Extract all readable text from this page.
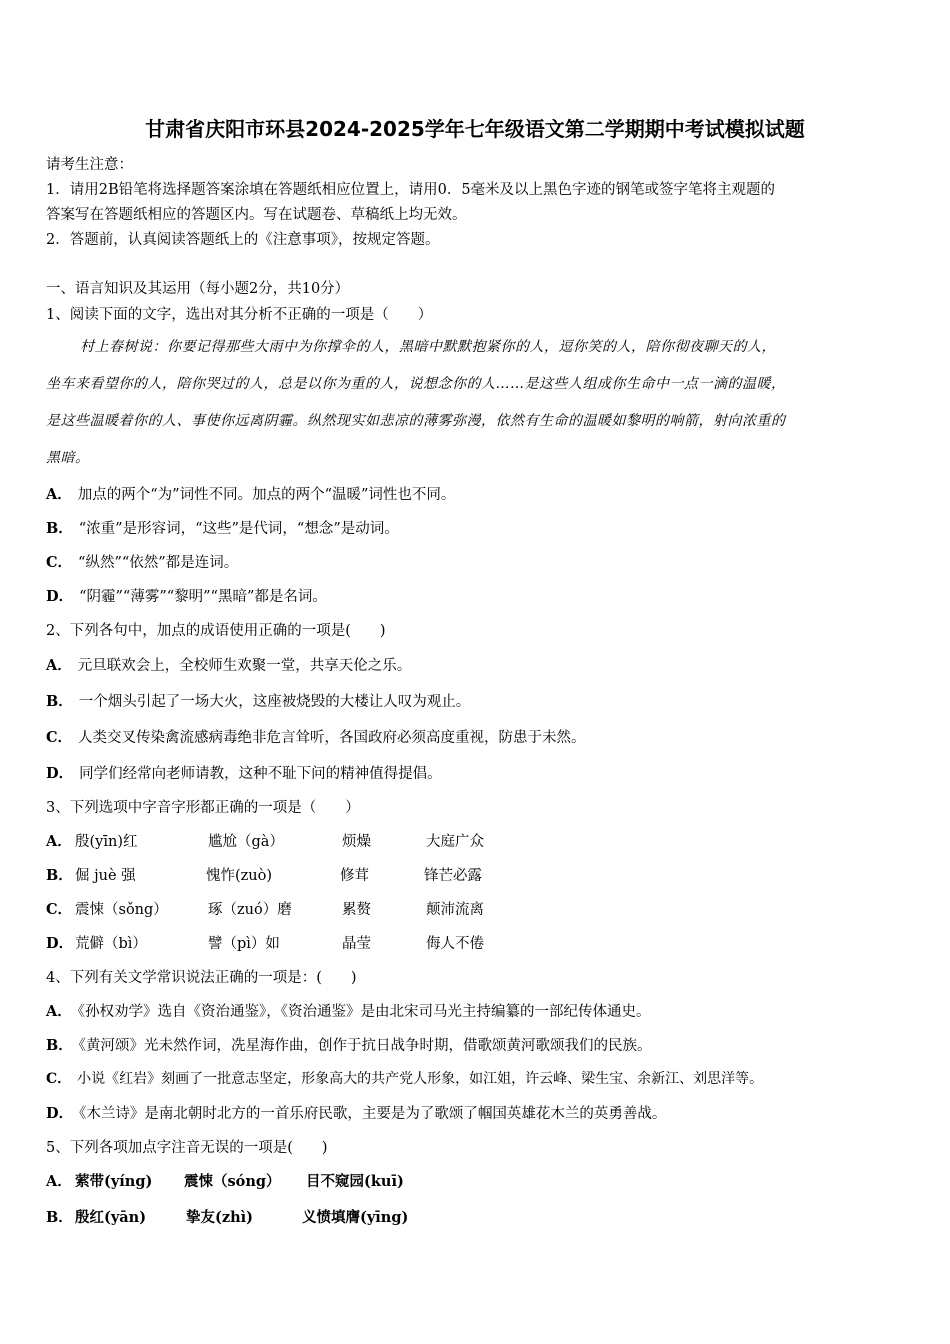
甘肃省庆阳市环县2024-2025学年七年级语文第二学期期中考试模拟试题
请考生注意：
1．请用2B铅笔将选择题答案涂填在答题纸相应位置上，请用0．5毫米及以上黑色字迹的钢笔或签字笔将主观题的
答案写在答题纸相应的答题区内。写在试题卷、草稿纸上均无效。
2．答题前，认真阅读答题纸上的《注意事项》，按规定答题。
一、语言知识及其运用（每小题2分，共10分）
1、阅读下面的文字，选出对其分析不正确的一项是（　　）
村上春树说：你要记得那些大雨中为你撑伞的人，黑暗中默默抱紧你的人，逗你笑的人，陪你彻夜聊天的人，
坐车来看望你的人，陪你哭过的人，总是以你为重的人，说想念你的人……是这些人组成你生命中一点一滴的温暖，
是这些温暖着你的人、事使你远离阴霾。纵然现实如悲凉的薄雾弥漫，依然有生命的温暖如黎明的响箭，射向浓重的
黑暗。
A． 加点的两个“为”词性不同。加点的两个“温暖”词性也不同。
B． “浓重”是形容词，“这些”是代词，“想念”是动词。
C． “纵然”“依然”都是连词。
D． “阴霾”“薄雾”“黎明”“黑暗”都是名词。
2、下列各句中，加点的成语使用正确的一项是(　　)
A． 元旦联欢会上，全校师生欢聚一堂，共享天伦之乐。
B． 一个烟头引起了一场大火，这座被烧毁的大楼让人叹为观止。
C． 人类交叉传染禽流感病毒绝非危言耸听，各国政府必须高度重视，防患于未然。
D． 同学们经常向老师请教，这种不耻下问的精神值得提倡。
3、下列选项中字音字形都正确的一项是（　　）
A． 殷(yīn)红	尴尬（gà）	烦燥	大庭广众
B． 倔 juè 强	愧怍(zuò)	修茸	锋芒必露
C． 震悚（sǒng）	琢（zuó）磨	累赘	颠沛流离
D． 荒僻（bì）	譬（pì）如	晶莹	侮人不倦
4、下列有关文学常识说法正确的一项是：(　　)
A． 《孙权劝学》选自《资治通鉴》，《资治通鉴》是由北宋司马光主持编纂的一部纪传体通史。
B． 《黄河颂》光未然作词，冼星海作曲，创作于抗日战争时期，借歌颂黄河歌颂我们的民族。
C． 小说《红岩》刻画了一批意志坚定，形象高大的共产党人形象，如江姐，许云峰、梁生宝、余新江、刘思洋等。
D． 《木兰诗》是南北朝时北方的一首乐府民歌，主要是为了歌颂了帼国英雄花木兰的英勇善战。
5、下列各项加点字注音无误的一项是(　　)
A． 萦带(yíng) 震悚（sóng） 目不窥园(kuī)
B． 殷红(yān)	挚友(zhì)	义愤填膺(yīng)
